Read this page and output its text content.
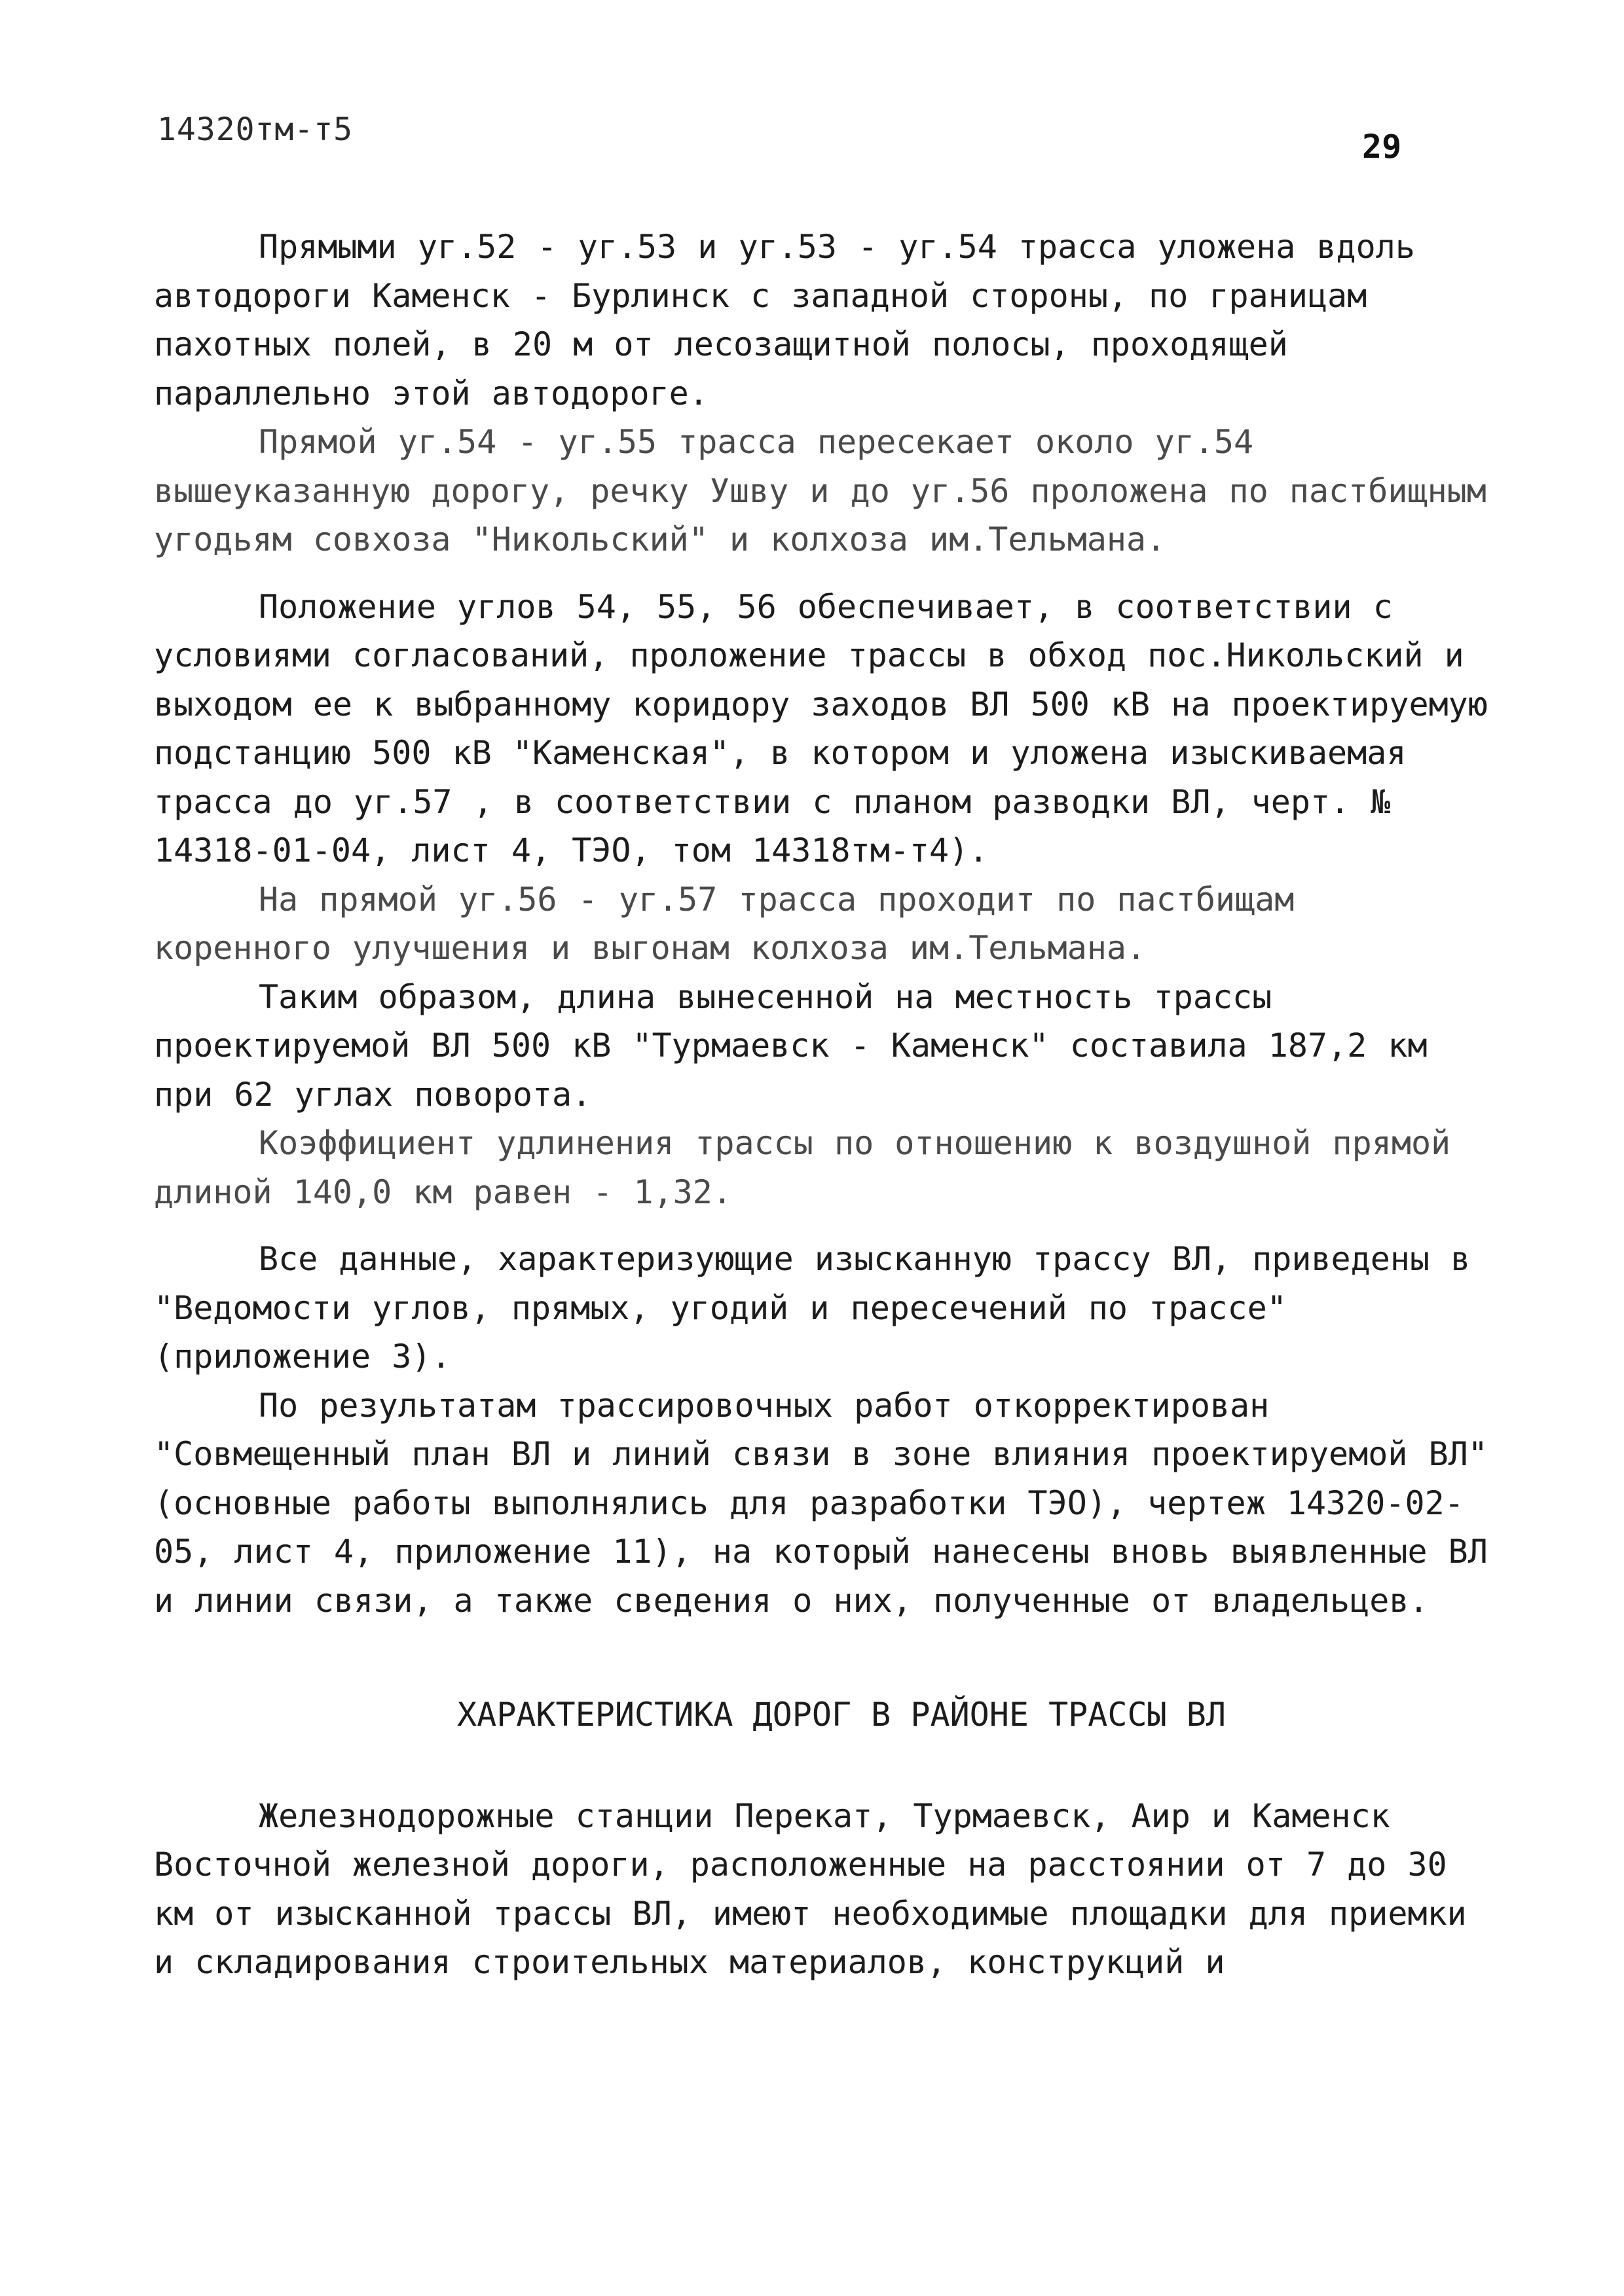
14320тм-т5	29

Прямыми уг.52 - уг.53 и уг.53 - уг.54 трасса уложена вдоль автодороги Каменск - Бурлинск с западной стороны, по границам пахотных полей, в 20 м от лесозащитной полосы, проходящей параллельно этой автодороге.

Прямой уг.54 - уг.55 трасса пересекает около уг.54 вышеуказанную дорогу, речку Ушву и до уг.56 проложена по пастбищным угодьям совхоза "Никольский" и колхоза им.Тельмана.

Положение углов 54, 55, 56 обеспечивает, в соответствии с условиями согласований, проложение трассы в обход пос.Никольский и выходом ее к выбранному коридору заходов ВЛ 500 кВ на проектируемую подстанцию 500 кВ "Каменская", в котором и уложена изыскиваемая трасса до уг.57 , в соответствии с планом разводки ВЛ, черт. № 14318-01-04, лист 4, ТЭО, том 14318тм-т4).

На прямой уг.56 - уг.57 трасса проходит по пастбищам коренного улучшения и выгонам колхоза им.Тельмана.

Таким образом, длина вынесенной на местность трассы проектируемой ВЛ 500 кВ "Турмаевск - Каменск" составила 187,2 км при 62 углах поворота.

Коэффициент удлинения трассы по отношению к воздушной прямой длиной 140,0 км равен - 1,32.

Все данные, характеризующие изысканную трассу ВЛ, приведены в "Ведомости углов, прямых, угодий и пересечений по трассе" (приложение 3).

По результатам трассировочных работ откорректирован "Совмещенный план ВЛ и линий связи в зоне влияния проектируемой ВЛ" (основные работы выполнялись для разработки ТЭО), чертеж 14320-02-05, лист 4, приложение 11), на который нанесены вновь выявленные ВЛ и линии связи, а также сведения о них, полученные от владельцев.

ХАРАКТЕРИСТИКА ДОРОГ В РАЙОНЕ ТРАССЫ ВЛ

Железнодорожные станции Перекат, Турмаевск, Аир и Каменск Восточной железной дороги, расположенные на расстоянии от 7 до 30 км от изысканной трассы ВЛ, имеют необходимые площадки для приемки и складирования строительных материалов, конструкций и
